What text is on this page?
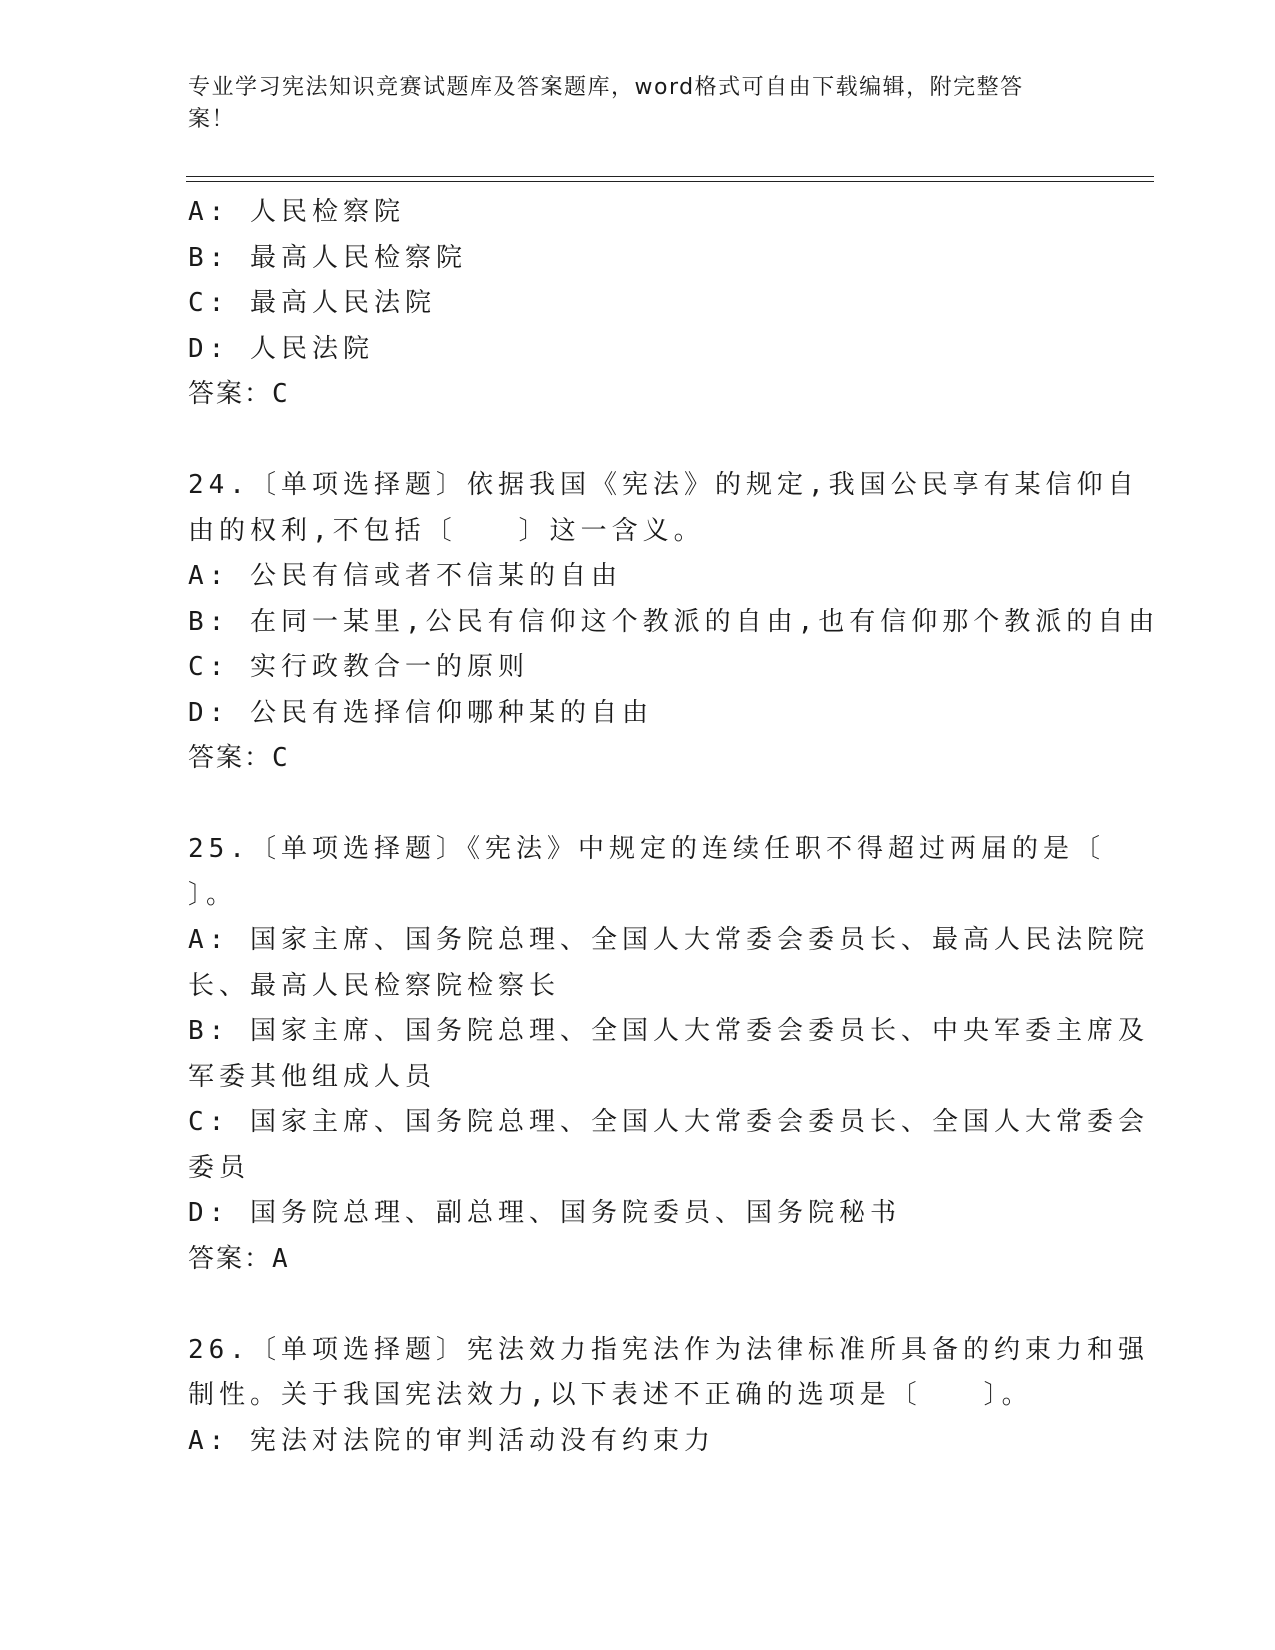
专业学习宪法知识竞赛试题库及答案题库，word格式可自由下载编辑，附完整答案！
A: 人民检察院
B: 最高人民检察院
C: 最高人民法院
D: 人民法院
答案：C
24.〔单项选择题〕依据我国《宪法》的规定,我国公民享有某信仰自
由的权利,不包括〔　　〕这一含义。
A: 公民有信或者不信某的自由
B: 在同一某里,公民有信仰这个教派的自由,也有信仰那个教派的自由
C: 实行政教合一的原则
D: 公民有选择信仰哪种某的自由
答案：C
25.〔单项选择题〕《宪法》中规定的连续任职不得超过两届的是〔
〕。
A: 国家主席、国务院总理、全国人大常委会委员长、最高人民法院院
长、最高人民检察院检察长
B: 国家主席、国务院总理、全国人大常委会委员长、中央军委主席及
军委其他组成人员
C: 国家主席、国务院总理、全国人大常委会委员长、全国人大常委会
委员
D: 国务院总理、副总理、国务院委员、国务院秘书
答案：A
26.〔单项选择题〕宪法效力指宪法作为法律标准所具备的约束力和强
制性。关于我国宪法效力,以下表述不正确的选项是〔　　〕。
A: 宪法对法院的审判活动没有约束力
